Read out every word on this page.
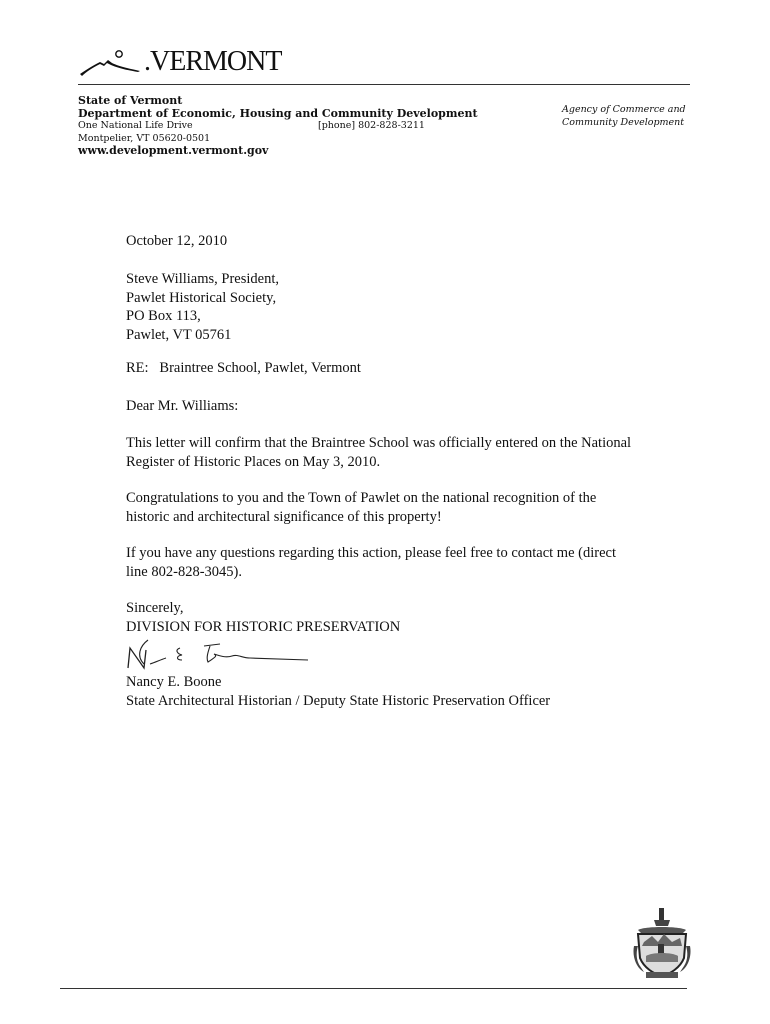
.VERMONT
State of Vermont
Department of Economic, Housing and Community Development
One National Life Drive
Montpelier, VT 05620-0501
www.development.vermont.gov
[phone] 802-828-3211
Agency of Commerce and
Community Development
October 12, 2010
Steve Williams, President,
Pawlet Historical Society,
PO Box 113,
Pawlet, VT 05761
RE:   Braintree School, Pawlet, Vermont
Dear Mr. Williams:
This letter will confirm that the Braintree School was officially entered on the National
Register of Historic Places on May 3, 2010.
Congratulations to you and the Town of Pawlet on the national recognition of the
historic and architectural significance of this property!
If you have any questions regarding this action, please feel free to contact me (direct
line 802-828-3045).
Sincerely,
DIVISION FOR HISTORIC PRESERVATION
Nancy E. Boone
State Architectural Historian / Deputy State Historic Preservation Officer
